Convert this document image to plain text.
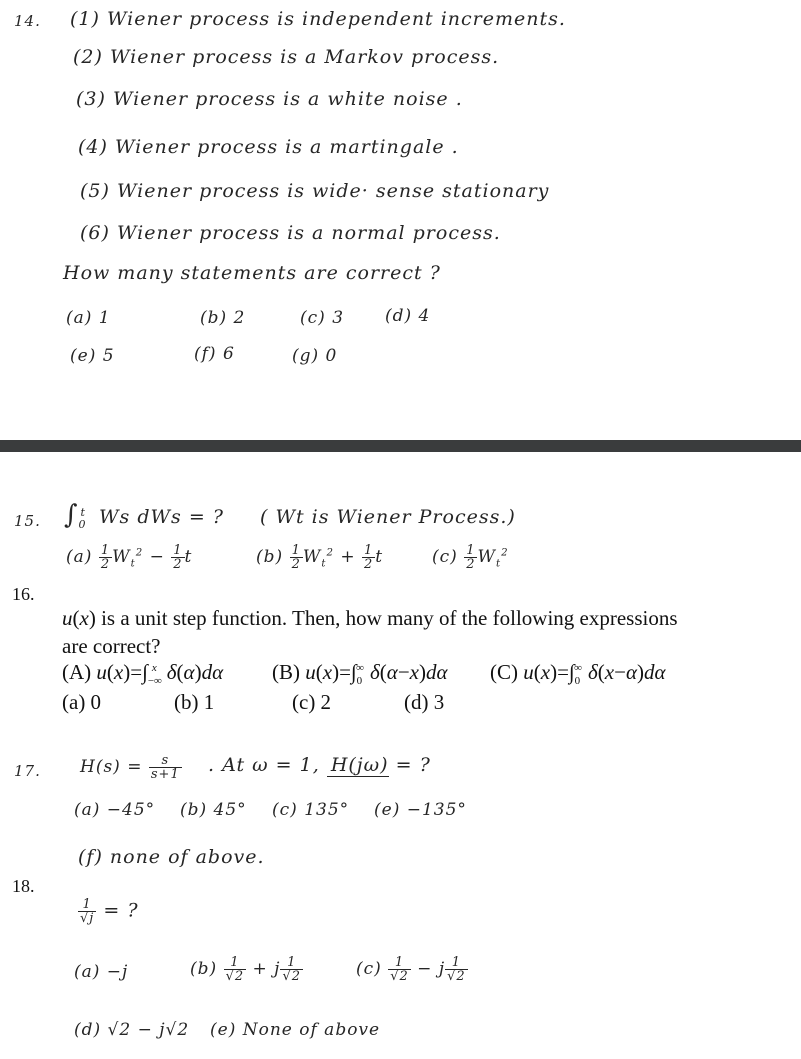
14. (1) Wiener process is independent increments.
(2) Wiener process is a Markov process.
(3) Wiener process is a white noise .
(4) Wiener process is a martingale .
(5) Wiener process is wide· sense stationary
(6) Wiener process is a normal process.
How many statements are correct ?
(a) 1	(b) 2	(c) 3 (d) 4
(e) 5	(f) 6	(g) 0
15. $\int_0^t$ Ws dWs = ? ( Wt is Wiener Process.)
$(a) \frac{1}{2} W_t^2 - \frac{1}{2}$ t	$(b) \frac{1}{2} W_t^2 + \frac{1}{2}$ t	$(c) \frac{1}{2} W_t^2$
16.
u(x) is a unit step function. Then, how many of the following expressions
are correct?
(A) $u(x)=\int_{-\infty}^x$ δ(α)dα (B) $u(x)=\int_0^\infty$ δ(α−x)dα (C) $u(x)=\int_0^\infty$ δ(x−α)dα
(a) 0	(b) 1	(c) 2	(d) 3
17. $H(s) = \frac{s}{s+1}$ . At ω = 1, H(jω) = ?
(a) −45° (b) 45° (c) 135° (e) −135°
(f) none of above.
18.
$\frac{1}{√j}$ = ?
(a) −j	$(b) \frac{1}{√2} + j \frac{1}{√2}$	$(c) \frac{1}{√2} - j \frac{1}{√2}$
(d) √2 − j√2 (e) None of above
